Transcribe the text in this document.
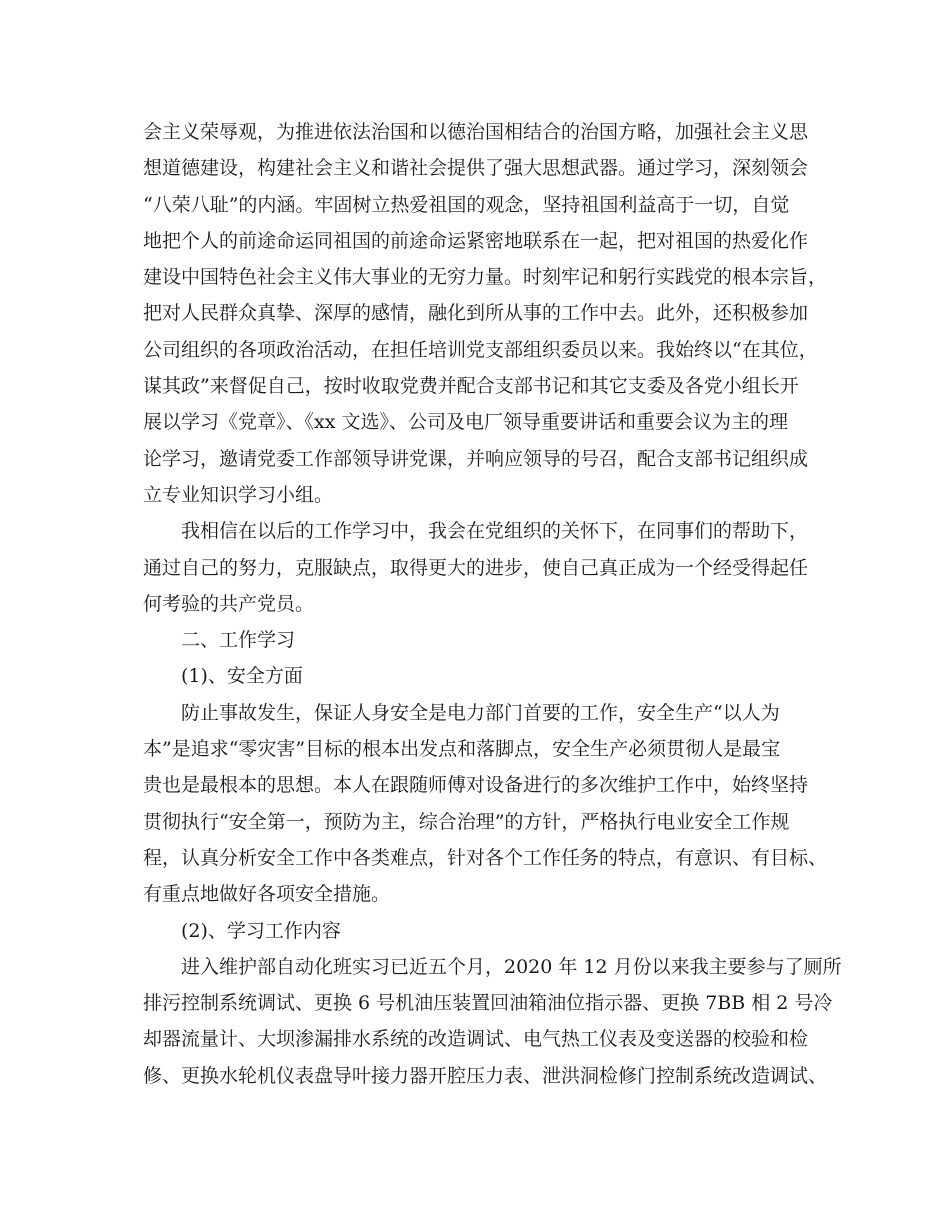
会主义荣辱观，为推进依法治国和以德治国相结合的治国方略，加强社会主义思
想道德建设，构建社会主义和谐社会提供了强大思想武器。通过学习，深刻领会
“八荣八耻”的内涵。牢固树立热爱祖国的观念，坚持祖国利益高于一切，自觉
地把个人的前途命运同祖国的前途命运紧密地联系在一起，把对祖国的热爱化作
建设中国特色社会主义伟大事业的无穷力量。时刻牢记和躬行实践党的根本宗旨，
把对人民群众真挚、深厚的感情，融化到所从事的工作中去。此外，还积极参加
公司组织的各项政治活动，在担任培训党支部组织委员以来。我始终以“在其位，
谋其政”来督促自己，按时收取党费并配合支部书记和其它支委及各党小组长开
展以学习《党章》、《xx 文选》、公司及电厂领导重要讲话和重要会议为主的理
论学习，邀请党委工作部领导讲党课，并响应领导的号召，配合支部书记组织成
立专业知识学习小组。
我相信在以后的工作学习中，我会在党组织的关怀下，在同事们的帮助下，
通过自己的努力，克服缺点，取得更大的进步，使自己真正成为一个经受得起任
何考验的共产党员。
二、工作学习
(1)、安全方面
防止事故发生，保证人身安全是电力部门首要的工作，安全生产“以人为
本”是追求“零灾害”目标的根本出发点和落脚点，安全生产必须贯彻人是最宝
贵也是最根本的思想。本人在跟随师傅对设备进行的多次维护工作中，始终坚持
贯彻执行“安全第一，预防为主，综合治理”的方针，严格执行电业安全工作规
程，认真分析安全工作中各类难点，针对各个工作任务的特点，有意识、有目标、
有重点地做好各项安全措施。
(2)、学习工作内容
进入维护部自动化班实习已近五个月，2020 年 12 月份以来我主要参与了厕所
排污控制系统调试、更换 6 号机油压装置回油箱油位指示器、更换 7BB 相 2 号冷
却器流量计、大坝渗漏排水系统的改造调试、电气热工仪表及变送器的校验和检
修、更换水轮机仪表盘导叶接力器开腔压力表、泄洪洞检修门控制系统改造调试、
